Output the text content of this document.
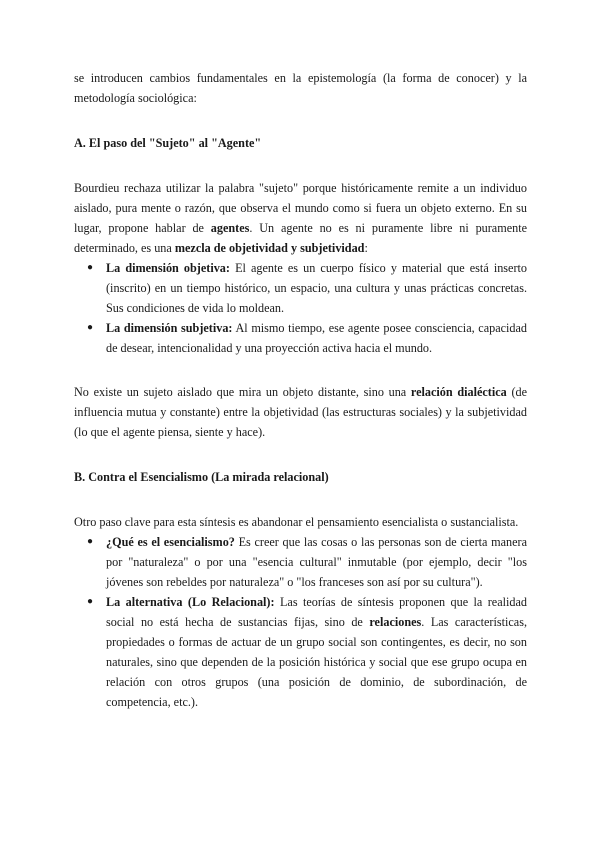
se introducen cambios fundamentales en la epistemología (la forma de conocer) y la metodología sociológica:

A. El paso del "Sujeto" al "Agente"

Bourdieu rechaza utilizar la palabra "sujeto" porque históricamente remite a un individuo aislado, pura mente o razón, que observa el mundo como si fuera un objeto externo. En su lugar, propone hablar de agentes. Un agente no es ni puramente libre ni puramente determinado, es una mezcla de objetividad y subjetividad:

● La dimensión objetiva: El agente es un cuerpo físico y material que está inserto (inscrito) en un tiempo histórico, un espacio, una cultura y unas prácticas concretas. Sus condiciones de vida lo moldean.
● La dimensión subjetiva: Al mismo tiempo, ese agente posee consciencia, capacidad de desear, intencionalidad y una proyección activa hacia el mundo.

No existe un sujeto aislado que mira un objeto distante, sino una relación dialéctica (de influencia mutua y constante) entre la objetividad (las estructuras sociales) y la subjetividad (lo que el agente piensa, siente y hace).

B. Contra el Esencialismo (La mirada relacional)

Otro paso clave para esta síntesis es abandonar el pensamiento esencialista o sustancialista.

● ¿Qué es el esencialismo? Es creer que las cosas o las personas son de cierta manera por "naturaleza" o por una "esencia cultural" inmutable (por ejemplo, decir "los jóvenes son rebeldes por naturaleza" o "los franceses son así por su cultura").
● La alternativa (Lo Relacional): Las teorías de síntesis proponen que la realidad social no está hecha de sustancias fijas, sino de relaciones. Las características, propiedades o formas de actuar de un grupo social son contingentes, es decir, no son naturales, sino que dependen de la posición histórica y social que ese grupo ocupa en relación con otros grupos (una posición de dominio, de subordinación, de competencia, etc.).
